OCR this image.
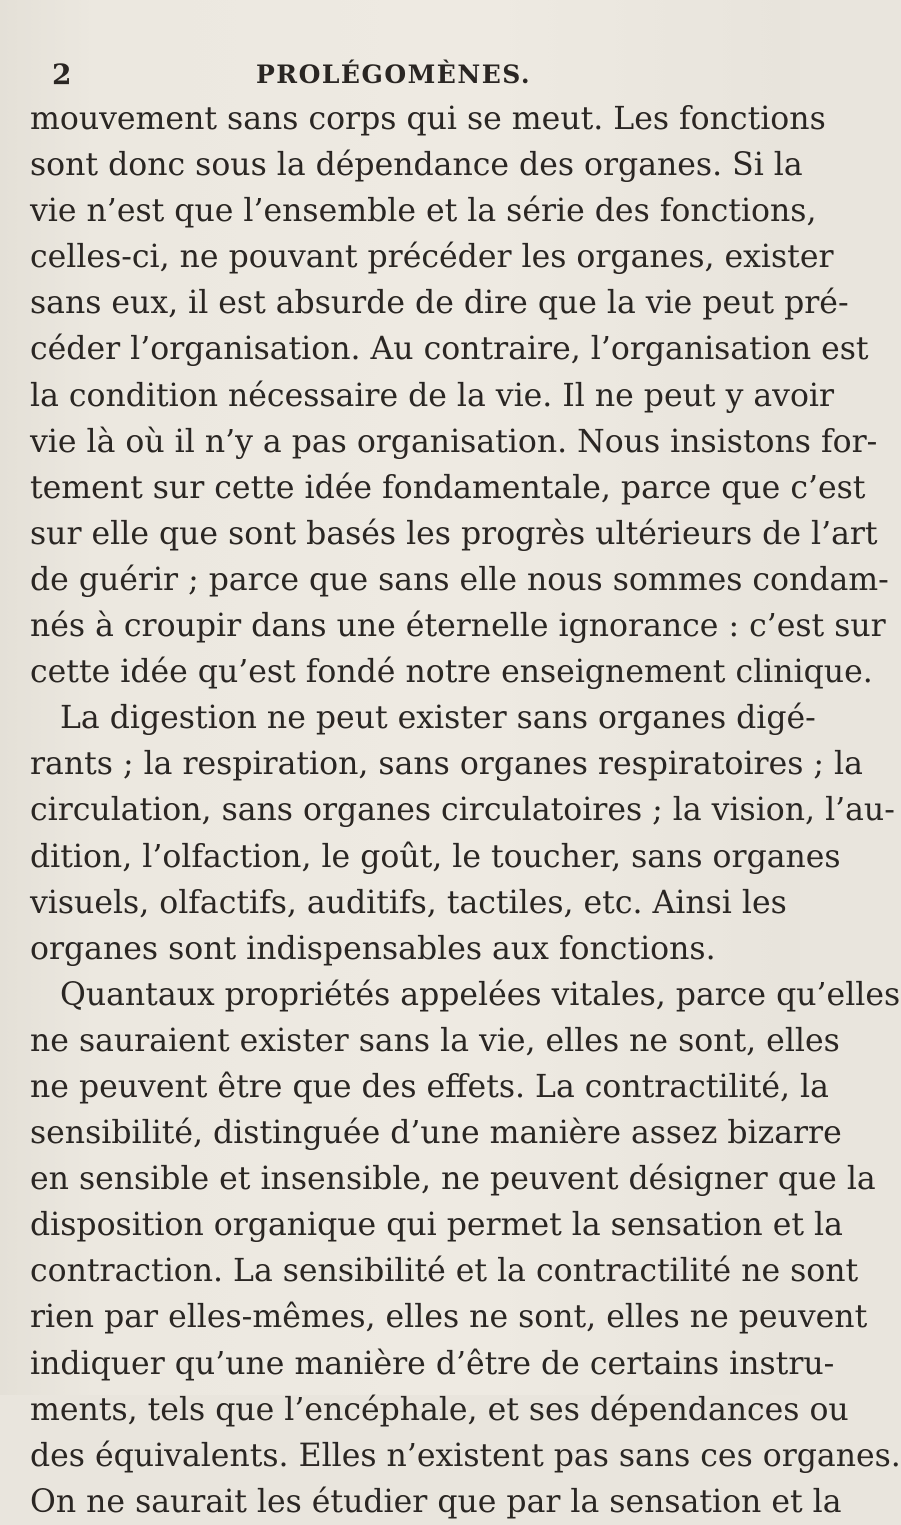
2	PROLÉGOMÈNES.
mouvement sans corps qui se meut. Les fonctions
sont donc sous la dépendance des organes. Si la
vie n’est que l’ensemble et la série des fonctions,
celles-ci, ne pouvant précéder les organes, exister
sans eux, il est absurde de dire que la vie peut pré-
céder l’organisation. Au contraire, l’organisation est
la condition nécessaire de la vie. Il ne peut y avoir
vie là où il n’y a pas organisation. Nous insistons for-
tement sur cette idée fondamentale, parce que c’est
sur elle que sont basés les progrès ultérieurs de l’art
de guérir ; parce que sans elle nous sommes condam-
nés à croupir dans une éternelle ignorance : c’est sur
cette idée qu’est fondé notre enseignement clinique.
La digestion ne peut exister sans organes digé-
rants ; la respiration, sans organes respiratoires ; la
circulation, sans organes circulatoires ; la vision, l’au-
dition, l’olfaction, le goût, le toucher, sans organes
visuels, olfactifs, auditifs, tactiles, etc. Ainsi les
organes sont indispensables aux fonctions.
Quantaux propriétés appelées vitales, parce qu’elles
ne sauraient exister sans la vie, elles ne sont, elles
ne peuvent être que des effets. La contractilité, la
sensibilité, distinguée d’une manière assez bizarre
en sensible et insensible, ne peuvent désigner que la
disposition organique qui permet la sensation et la
contraction. La sensibilité et la contractilité ne sont
rien par elles-mêmes, elles ne sont, elles ne peuvent
indiquer qu’une manière d’être de certains instru-
ments, tels que l’encéphale, et ses dépendances ou
des équivalents. Elles n’existent pas sans ces organes.
On ne saurait les étudier que par la sensation et la
